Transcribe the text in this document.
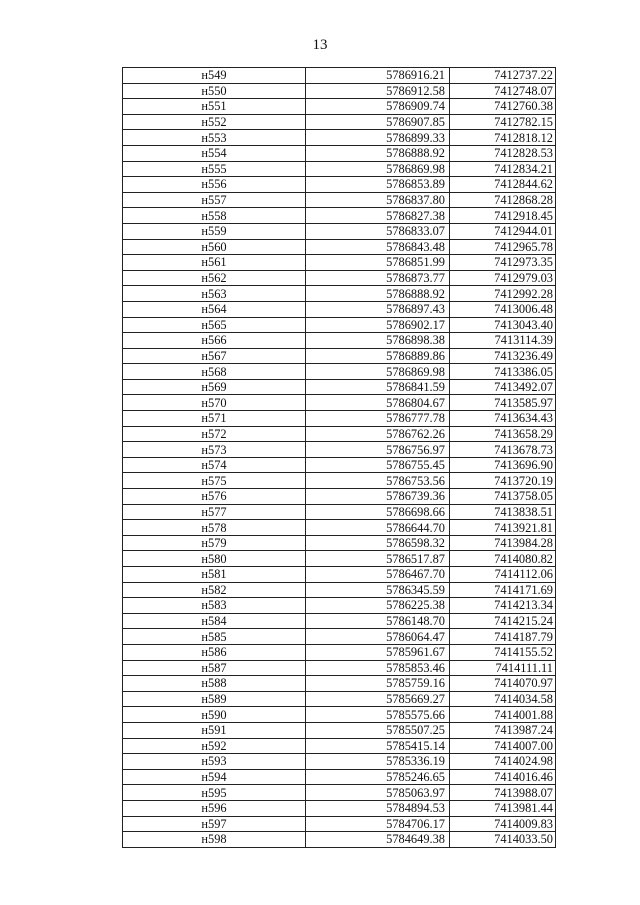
13
н549	5786916.21	7412737.22
н550	5786912.58	7412748.07
н551	5786909.74	7412760.38
н552	5786907.85	7412782.15
н553	5786899.33	7412818.12
н554	5786888.92	7412828.53
н555	5786869.98	7412834.21
н556	5786853.89	7412844.62
н557	5786837.80	7412868.28
н558	5786827.38	7412918.45
н559	5786833.07	7412944.01
н560	5786843.48	7412965.78
н561	5786851.99	7412973.35
н562	5786873.77	7412979.03
н563	5786888.92	7412992.28
н564	5786897.43	7413006.48
н565	5786902.17	7413043.40
н566	5786898.38	7413114.39
н567	5786889.86	7413236.49
н568	5786869.98	7413386.05
н569	5786841.59	7413492.07
н570	5786804.67	7413585.97
н571	5786777.78	7413634.43
н572	5786762.26	7413658.29
н573	5786756.97	7413678.73
н574	5786755.45	7413696.90
н575	5786753.56	7413720.19
н576	5786739.36	7413758.05
н577	5786698.66	7413838.51
н578	5786644.70	7413921.81
н579	5786598.32	7413984.28
н580	5786517.87	7414080.82
н581	5786467.70	7414112.06
н582	5786345.59	7414171.69
н583	5786225.38	7414213.34
н584	5786148.70	7414215.24
н585	5786064.47	7414187.79
н586	5785961.67	7414155.52
н587	5785853.46	7414111.11
н588	5785759.16	7414070.97
н589	5785669.27	7414034.58
н590	5785575.66	7414001.88
н591	5785507.25	7413987.24
н592	5785415.14	7414007.00
н593	5785336.19	7414024.98
н594	5785246.65	7414016.46
н595	5785063.97	7413988.07
н596	5784894.53	7413981.44
н597	5784706.17	7414009.83
н598	5784649.38	7414033.50
